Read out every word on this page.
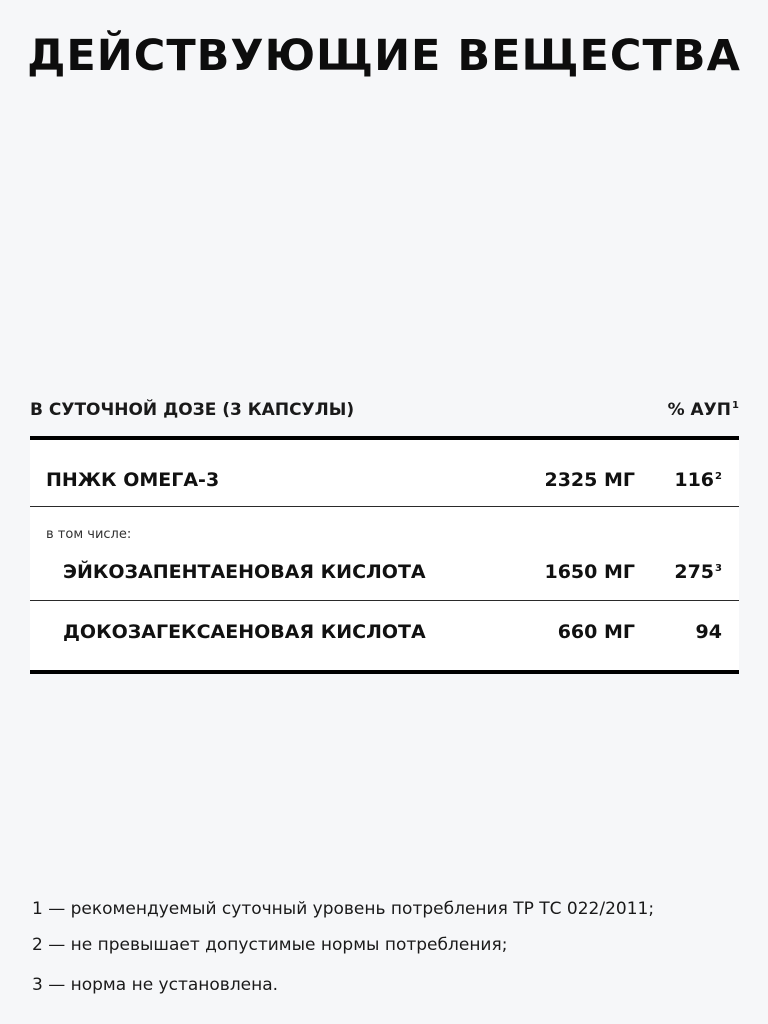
ДЕЙСТВУЮЩИЕ ВЕЩЕСТВА
В СУТОЧНОЙ ДОЗЕ (3 КАПСУЛЫ)	% АУП$^1$
ПНЖК ОМЕГА-3	2325 МГ $116^2$
в том числе:
ЭЙКОЗАПЕНТАЕНОВАЯ КИСЛОТА	1650 МГ $275^3$
ДОКОЗАГЕКСАЕНОВАЯ КИСЛОТА	660 МГ	94
1 — рекомендуемый суточный уровень потребления ТР ТС 022/2011;
2 — не превышает допустимые нормы потребления;
3 — норма не установлена.
